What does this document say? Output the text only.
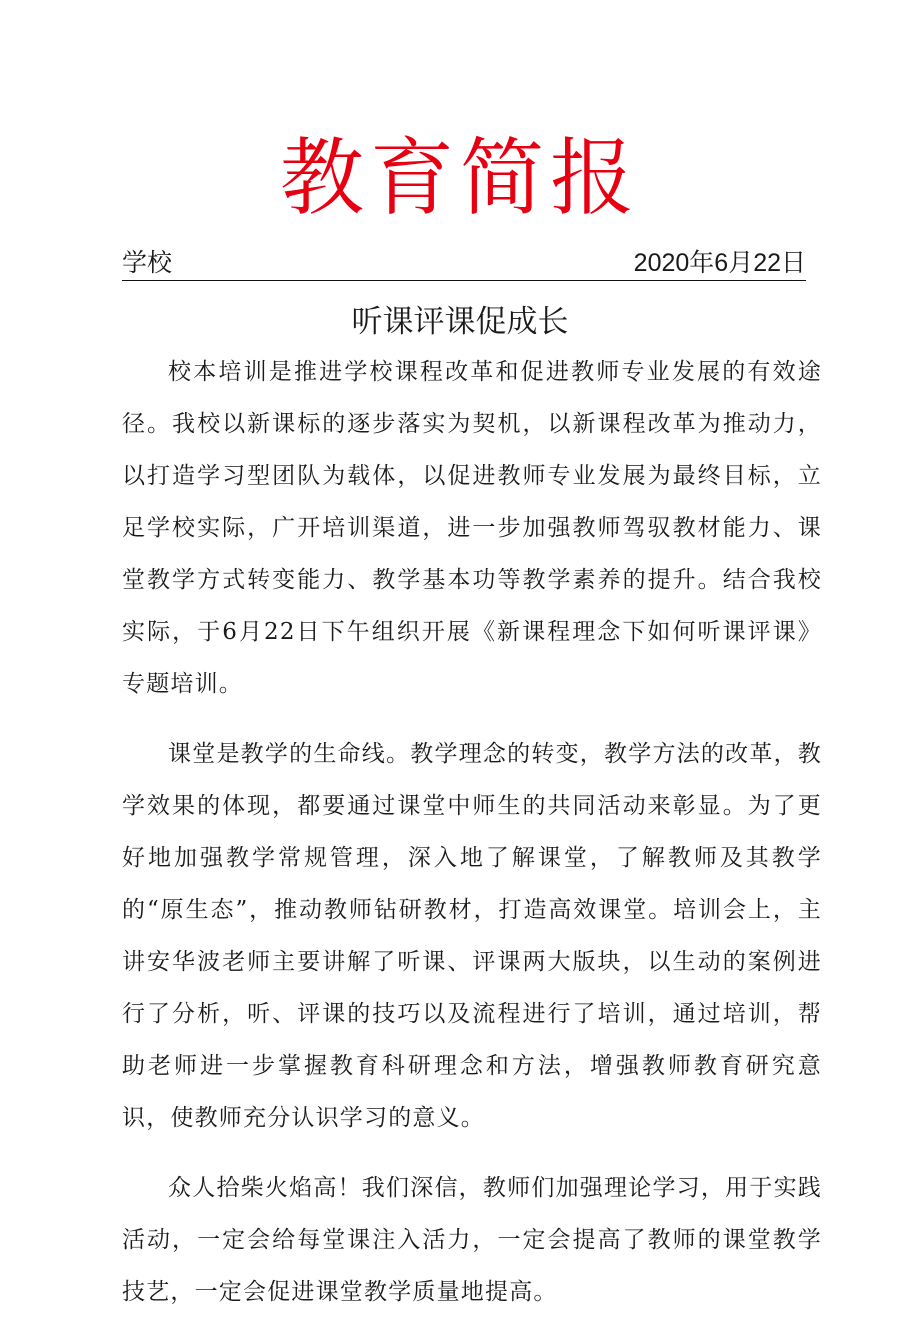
教育简报
学校	2020年6月22日
听课评课促成长

校本培训是推进学校课程改革和促进教师专业发展的有效途径。我校以新课标的逐步落实为契机，以新课程改革为推动力，以打造学习型团队为载体，以促进教师专业发展为最终目标，立足学校实际，广开培训渠道，进一步加强教师驾驭教材能力、课堂教学方式转变能力、教学基本功等教学素养的提升。结合我校实际，于6月22日下午组织开展《新课程理念下如何听课评课》专题培训。

课堂是教学的生命线。教学理念的转变，教学方法的改革，教学效果的体现，都要通过课堂中师生的共同活动来彰显。为了更好地加强教学常规管理，深入地了解课堂，了解教师及其教学的“原生态”，推动教师钻研教材，打造高效课堂。培训会上，主讲安华波老师主要讲解了听课、评课两大版块，以生动的案例进行了分析，听、评课的技巧以及流程进行了培训，通过培训，帮助老师进一步掌握教育科研理念和方法，增强教师教育研究意识，使教师充分认识学习的意义。

众人拾柴火焰高！我们深信，教师们加强理论学习，用于实践活动，一定会给每堂课注入活力，一定会提高了教师的课堂教学技艺，一定会促进课堂教学质量地提高。
